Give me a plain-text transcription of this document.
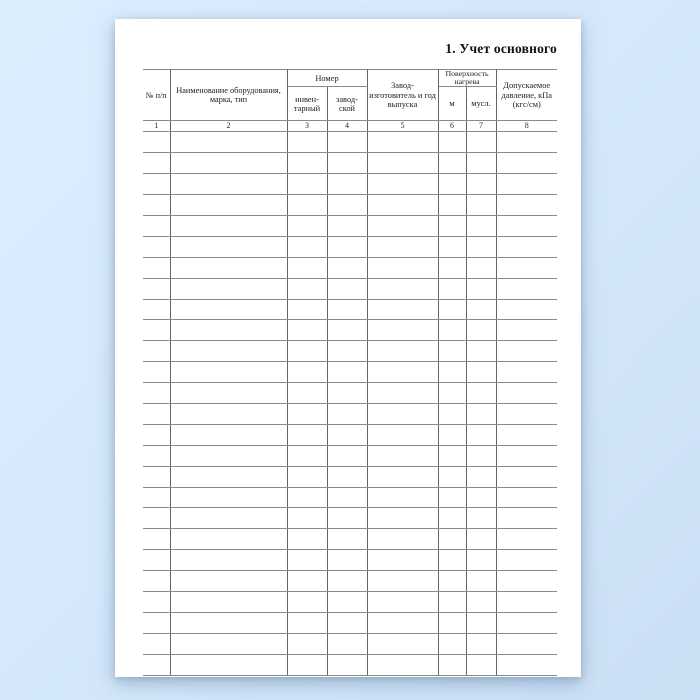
1. Учет основного
№ п/п	Наименование оборудования, марка, тип	Номер		Завод-изготовитель и год выпуска	Поверхность нагрева		Допускаемое давление, кПа (кгс/см)
		инвен-тарный	завод-ской		м	мусл.	
1	2	3	4	5	6	7	8
